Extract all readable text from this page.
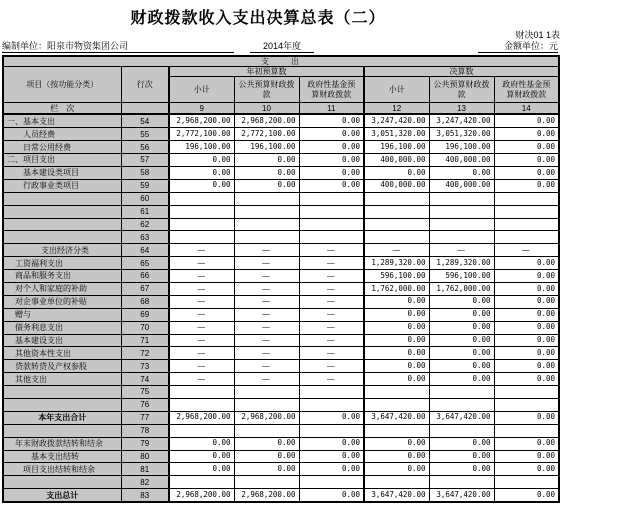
财政拨款收入支出决算总表（二）
财决01 1表
编制单位：阳泉市物资集团公司	2014年度	金额单位：元
支　　出							
项目（按功能分类）	行次	年初预算数			决算数		
		小计	公共预算财政拨款	政府性基金预算财政拨款	小计	公共预算财政拨款	政府性基金预算财政拨款
栏　次		9	10	11	12	13	14
一、基本支出	54	2,968,200.00	2,968,200.00	0.00	3,247,420.00	3,247,420.00	0.00
人员经费	55	2,772,100.00	2,772,100.00	0.00	3,051,320.00	3,051,320.00	0.00
日常公用经费	56	196,100.00	196,100.00	0.00	196,100.00	196,100.00	0.00
二、项目支出	57	0.00	0.00	0.00	400,000.00	400,000.00	0.00
基本建设类项目	58	0.00	0.00	0.00	0.00	0.00	0.00
行政事业类项目	59	0.00	0.00	0.00	400,000.00	400,000.00	0.00
	60						
	61						
	62						
	63						
支出经济分类	64	—	—	—	—	—	—
工资福利支出	65	—	—	—	1,289,320.00	1,289,320.00	0.00
商品和服务支出	66	—	—	—	596,100.00	596,100.00	0.00
对个人和家庭的补助	67	—	—	—	1,762,000.00	1,762,000.00	0.00
对企事业单位的补贴	68	—	—	—	0.00	0.00	0.00
赠与	69	—	—	—	0.00	0.00	0.00
债务利息支出	70	—	—	—	0.00	0.00	0.00
基本建设支出	71	—	—	—	0.00	0.00	0.00
其他资本性支出	72	—	—	—	0.00	0.00	0.00
贷款转贷及产权参股	73	—	—	—	0.00	0.00	0.00
其他支出	74	—	—	—	0.00	0.00	0.00
	75						
	76						
本年支出合计	77	2,968,200.00	2,968,200.00	0.00	3,647,420.00	3,647,420.00	0.00
	78						
年末财政拨款结转和结余	79	0.00	0.00	0.00	0.00	0.00	0.00
基本支出结转	80	0.00	0.00	0.00	0.00	0.00	0.00
项目支出结转和结余	81	0.00	0.00	0.00	0.00	0.00	0.00
	82						
支出总计	83	2,968,200.00	2,968,200.00	0.00	3,647,420.00	3,647,420.00	0.00
